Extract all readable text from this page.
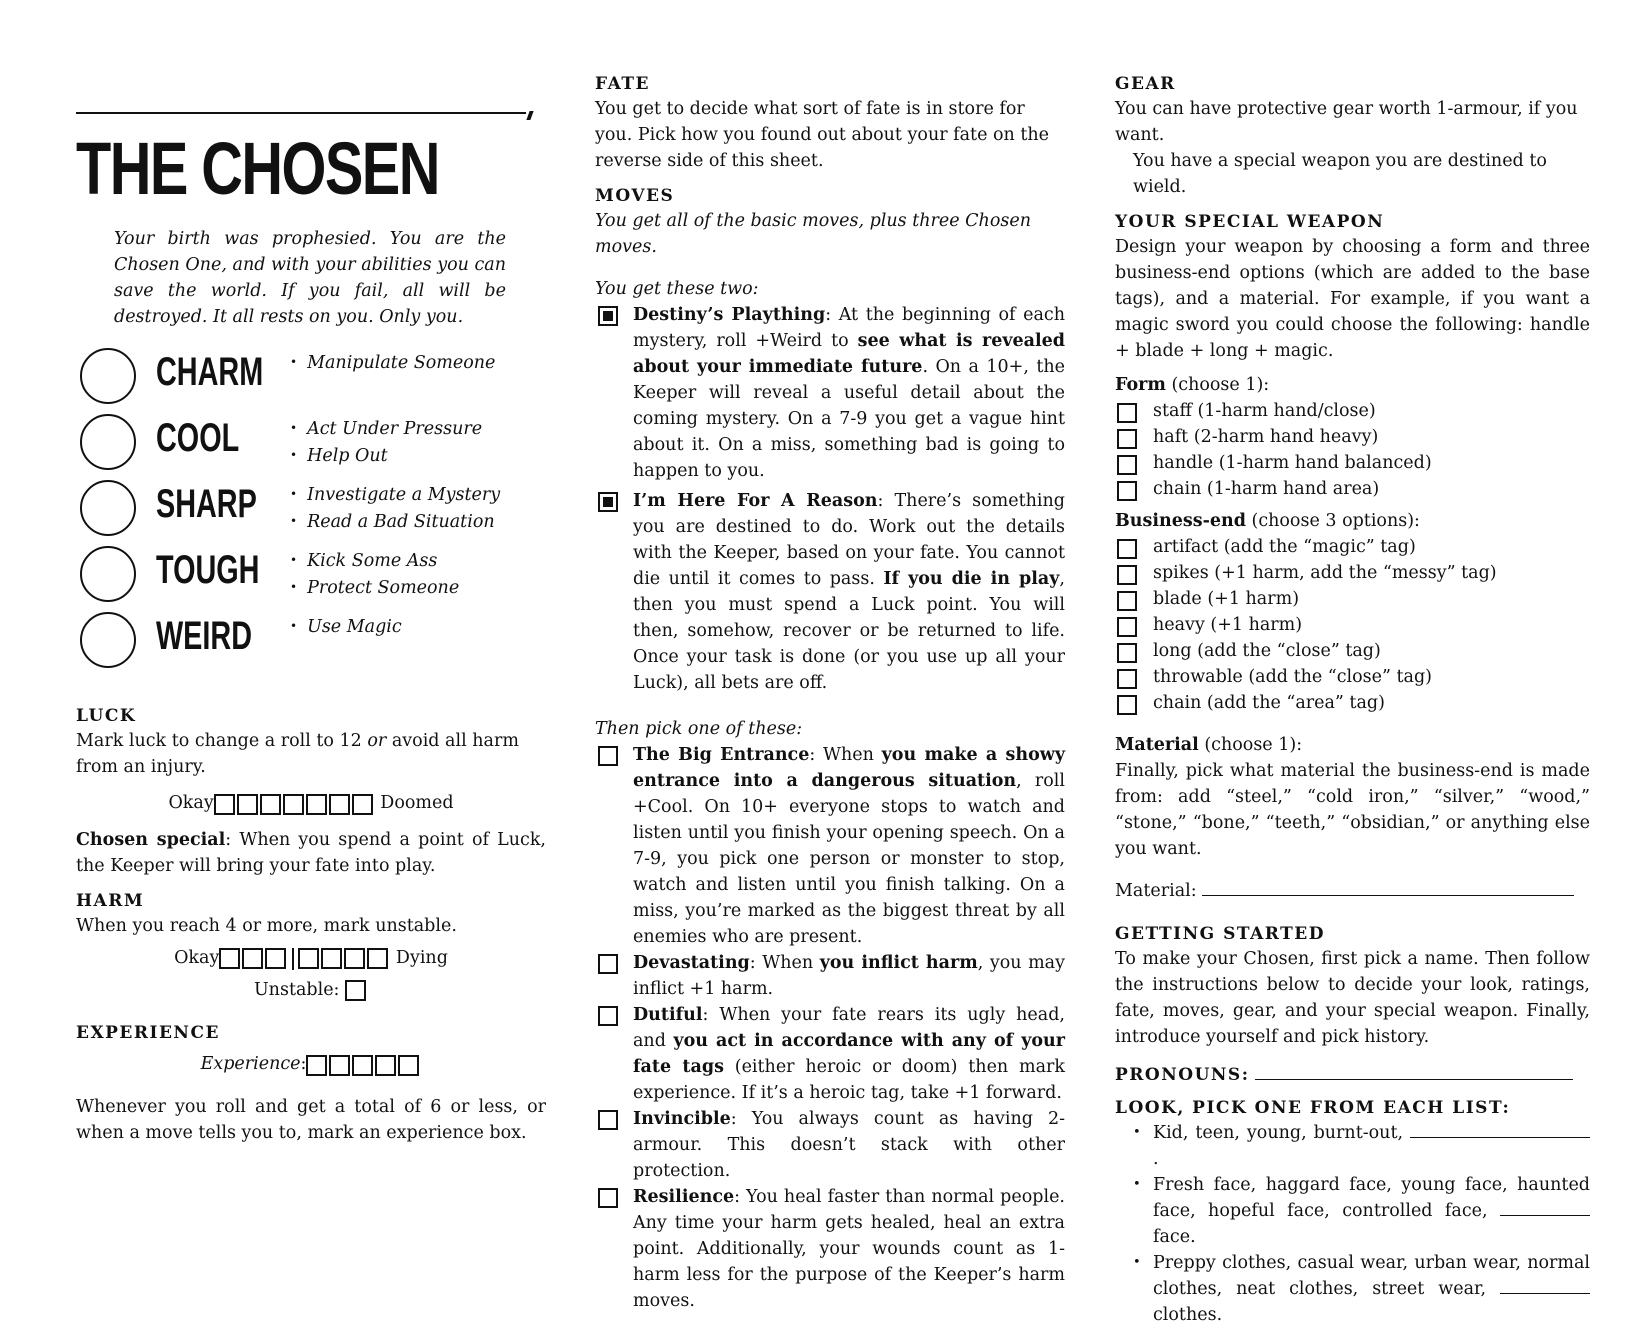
THE CHOSEN
Your birth was prophesied. You are the Chosen One, and with your abilities you can save the world. If you fail, all will be destroyed. It all rests on you. Only you.
CHARM	• Manipulate Someone
COOL	• Act Under Pressure
• Help Out
SHARP	• Investigate a Mystery
• Read a Bad Situation
TOUGH	• Kick Some Ass
• Protect Someone
WEIRD	• Use Magic
LUCK

Mark luck to change a roll to 12 or avoid all harm from an injury.

Okay	Doomed

Chosen special: When you spend a point of Luck, the Keeper will bring your fate into play.

HARM

When you reach 4 or more, mark unstable.

Okay	Dying
Unstable:
EXPERIENCE
Experience:

Whenever you roll and get a total of 6 or less, or when a move tells you to, mark an experience box.

FATE

You get to decide what sort of fate is in store for you. Pick how you found out about your fate on the reverse side of this sheet.

MOVES

You get all of the basic moves, plus three Chosen moves.

You get these two:

Destiny’s Plaything: At the beginning of each mystery, roll +Weird to see what is revealed about your immediate future. On a 10+, the Keeper will reveal a useful detail about the coming mystery. On a 7-9 you get a vague hint about it. On a miss, something bad is going to happen to you.
I’m Here For A Reason: There’s something you are destined to do. Work out the details with the Keeper, based on your fate. You cannot die until it comes to pass. If you die in play, then you must spend a Luck point. You will then, somehow, recover or be returned to life. Once your task is done (or you use up all your Luck), all bets are off.

Then pick one of these:

The Big Entrance: When you make a showy entrance into a dangerous situation, roll +Cool. On 10+ everyone stops to watch and listen until you finish your opening speech. On a 7-9, you pick one person or monster to stop, watch and listen until you finish talking. On a miss, you’re marked as the biggest threat by all enemies who are present.
Devastating: When you inflict harm, you may inflict +1 harm.
Dutiful: When your fate rears its ugly head, and you act in accordance with any of your fate tags (either heroic or doom) then mark experience. If it’s a heroic tag, take +1 forward.
Invincible: You always count as having 2-armour. This doesn’t stack with other protection.
Resilience: You heal faster than normal people. Any time your harm gets healed, heal an extra point. Additionally, your wounds count as 1-harm less for the purpose of the Keeper’s harm moves.
GEAR

You can have protective gear worth 1-armour, if you want.

You have a special weapon you are destined to wield.

YOUR SPECIAL WEAPON

Design your weapon by choosing a form and three business-end options (which are added to the base tags), and a material. For example, if you want a magic sword you could choose the following: handle + blade + long + magic.

Form (choose 1):

staff (1-harm hand/close)
haft (2-harm hand heavy)
handle (1-harm hand balanced)
chain (1-harm hand area)

Business-end (choose 3 options):

artifact (add the “magic” tag)
spikes (+1 harm, add the “messy” tag)
blade (+1 harm)
heavy (+1 harm)
long (add the “close” tag)
throwable (add the “close” tag)
chain (add the “area” tag)

Material (choose 1):

Finally, pick what material the business-end is made from: add “steel,” “cold iron,” “silver,” “wood,” “stone,” “bone,” “teeth,” “obsidian,” or anything else you want.

Material:

GETTING STARTED

To make your Chosen, first pick a name. Then follow the instructions below to decide your look, ratings, fate, moves, gear, and your special weapon. Finally, introduce yourself and pick history.

PRONOUNS:

LOOK, PICK ONE FROM EACH LIST:
• Kid, teen, young, burnt-out, .
• Fresh face, haggard face, young face, haunted face, hopeful face, controlled face,  face.
• Preppy clothes, casual wear, urban wear, normal clothes, neat clothes, street wear,  clothes.
